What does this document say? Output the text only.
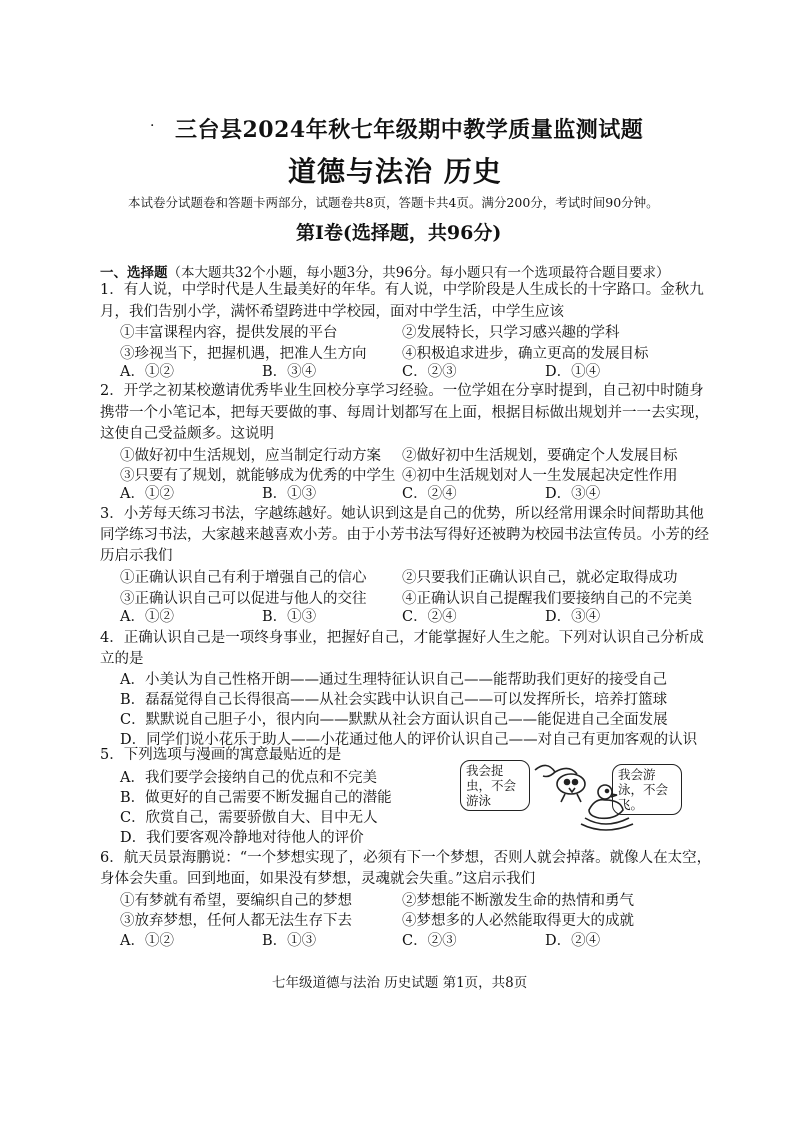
· 三台县2024年秋七年级期中教学质量监测试题
道德与法治 历史
本试卷分试题卷和答题卡两部分，试题卷共8页，答题卡共4页。满分200分，考试时间90分钟。
第Ⅰ卷(选择题，共96分)
一、选择题（本大题共32个小题，每小题3分，共96分。每小题只有一个选项最符合题目要求）
1．有人说，中学时代是人生最美好的年华。有人说，中学阶段是人生成长的十字路口。金秋九
月，我们告别小学，满怀希望跨进中学校园，面对中学生活，中学生应该
①丰富课程内容，提供发展的平台	②发展特长，只学习感兴趣的学科
③珍视当下，把握机遇，把准人生方向 ④积极追求进步，确立更高的发展目标
A．①②	B．③④	C．②③	D．①④
2．开学之初某校邀请优秀毕业生回校分享学习经验。一位学姐在分享时提到，自己初中时随身
携带一个小笔记本，把每天要做的事、每周计划都写在上面，根据目标做出规划并一一去实现，
这使自己受益颇多。这说明
①做好初中生活规划，应当制定行动方案 ②做好初中生活规划，要确定个人发展目标
③只要有了规划，就能够成为优秀的中学生 ④初中生活规划对人一生发展起决定性作用
A．①②	B．①③	C．②④	D．③④
3．小芳每天练习书法，字越练越好。她认识到这是自己的优势，所以经常用课余时间帮助其他
同学练习书法，大家越来越喜欢小芳。由于小芳书法写得好还被聘为校园书法宣传员。小芳的经
历启示我们
①正确认识自己有利于增强自己的信心 ②只要我们正确认识自己，就必定取得成功
③正确认识自己可以促进与他人的交往 ④正确认识自己提醒我们要接纳自己的不完美
A．①②	B．①③	C．②④	D．③④
4．正确认识自己是一项终身事业，把握好自己，才能掌握好人生之舵。下列对认识自己分析成
立的是
A．小美认为自己性格开朗——通过生理特征认识自己——能帮助我们更好的接受自己
B．磊磊觉得自己长得很高——从社会实践中认识自己——可以发挥所长，培养打篮球
C．默默说自己胆子小，很内向——默默从社会方面认识自己——能促进自己全面发展
D．同学们说小花乐于助人——小花通过他人的评价认识自己——对自己有更加客观的认识
5．下列选项与漫画的寓意最贴近的是
A．我们要学会接纳自己的优点和不完美
B．做更好的自己需要不断发掘自己的潜能
C．欣赏自己，需要骄傲自大、目中无人
D．我们要客观冷静地对待他人的评价
我会捉虫，不会游泳
我会游泳，不会飞。
6．航天员景海鹏说：“一个梦想实现了，必须有下一个梦想，否则人就会掉落。就像人在太空，
身体会失重。回到地面，如果没有梦想，灵魂就会失重。”这启示我们
①有梦就有希望，要编织自己的梦想	②梦想能不断激发生命的热情和勇气
③放弃梦想，任何人都无法生存下去	④梦想多的人必然能取得更大的成就
A．①②	B．①③	C．②③	D．②④
七年级道德与法治 历史试题 第1页，共8页
